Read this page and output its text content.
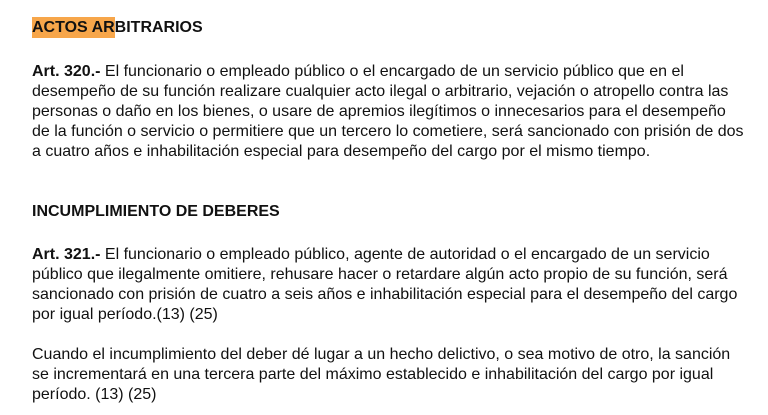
ACTOS ARBITRARIOS

Art. 320.- El funcionario o empleado público o el encargado de un servicio público que en el desempeño de su función realizare cualquier acto ilegal o arbitrario, vejación o atropello contra las personas o daño en los bienes, o usare de apremios ilegítimos o innecesarios para el desempeño de la función o servicio o permitiere que un tercero lo cometiere, será sancionado con prisión de dos a cuatro años e inhabilitación especial para desempeño del cargo por el mismo tiempo.

INCUMPLIMIENTO DE DEBERES

Art. 321.- El funcionario o empleado público, agente de autoridad o el encargado de un servicio público que ilegalmente omitiere, rehusare hacer o retardare algún acto propio de su función, será sancionado con prisión de cuatro a seis años e inhabilitación especial para el desempeño del cargo por igual período.(13) (25)

Cuando el incumplimiento del deber dé lugar a un hecho delictivo, o sea motivo de otro, la sanción se incrementará en una tercera parte del máximo establecido e inhabilitación del cargo por igual período. (13) (25)
